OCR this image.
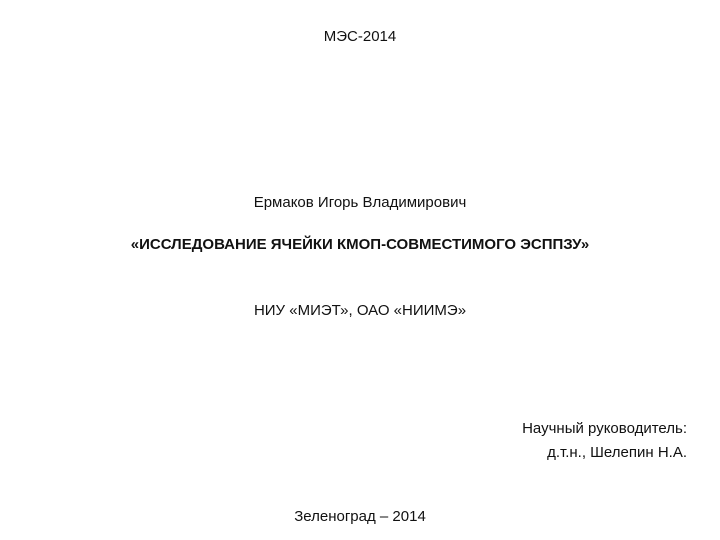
МЭС-2014
Ермаков Игорь Владимирович
«ИССЛЕДОВАНИЕ ЯЧЕЙКИ КМОП-СОВМЕСТИМОГО ЭСППЗУ»
НИУ «МИЭТ», ОАО «НИИМЭ»
Научный руководитель:
д.т.н., Шелепин Н.А.
Зеленоград – 2014
